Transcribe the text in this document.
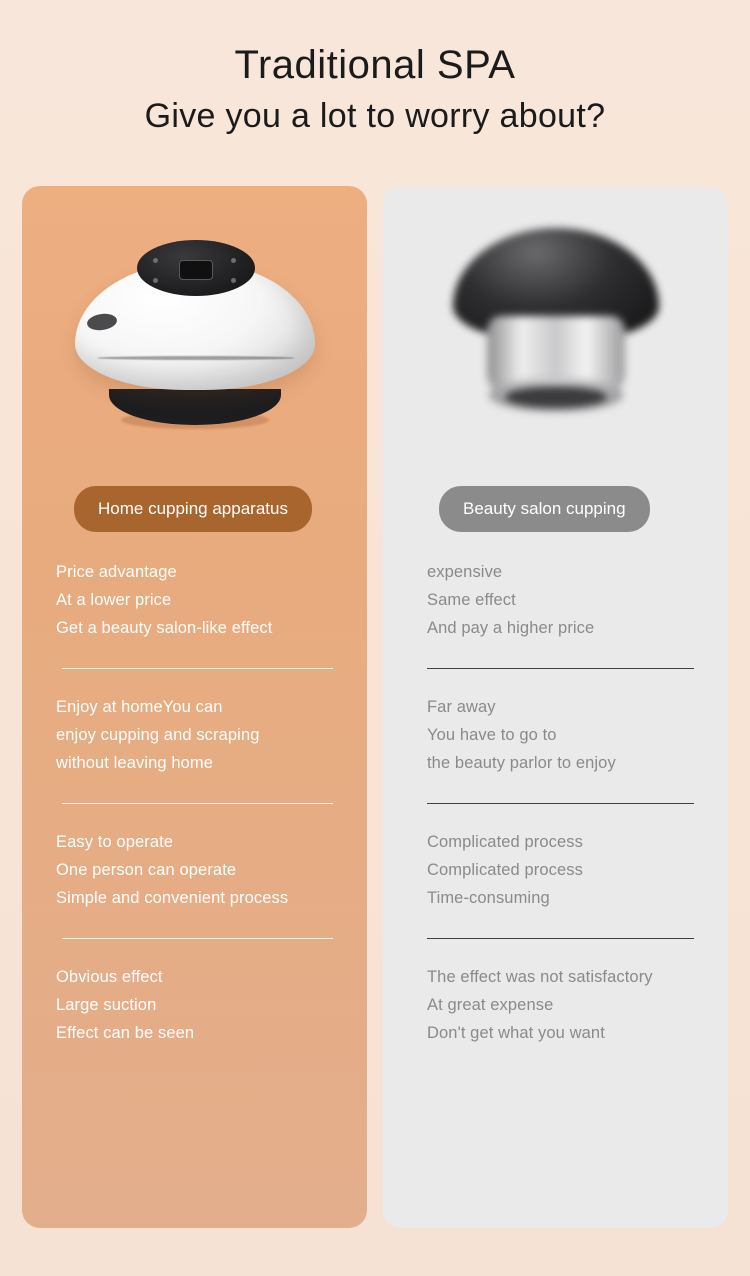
Traditional SPA
Give you a lot to worry about?
Home cupping apparatus

Price advantage

At a lower price

Get a beauty salon-like effect

Enjoy at homeYou can

enjoy cupping and scraping

without leaving home

Easy to operate

One person can operate

Simple and convenient process

Obvious effect

Large suction

Effect can be seen

Beauty salon cupping

expensive

Same effect

And pay a higher price

Far away

You have to go to

the beauty parlor to enjoy

Complicated process

Complicated process

Time-consuming

The effect was not satisfactory

At great expense

Don't get what you want
